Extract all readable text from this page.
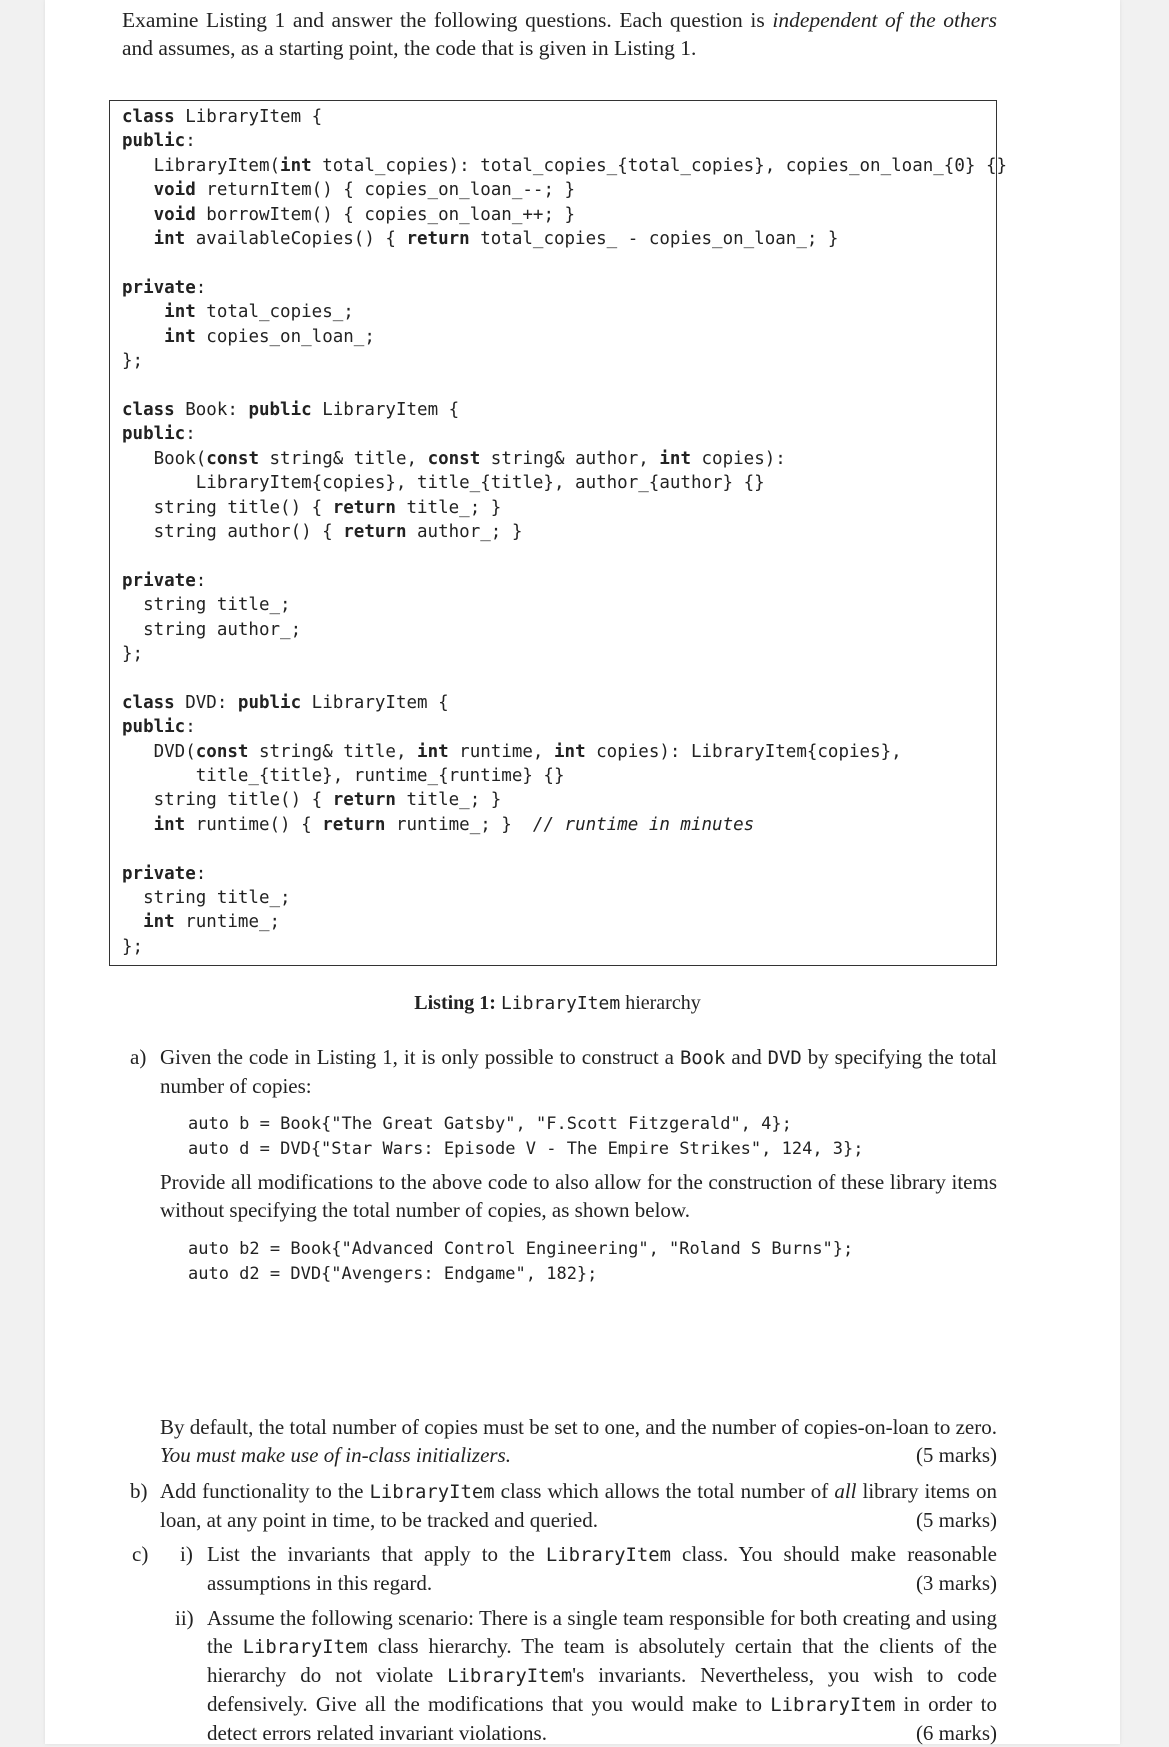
Examine Listing 1 and answer the following questions. Each question is independent of the others and assumes, as a starting point, the code that is given in Listing 1.
class LibraryItem {
public:
LibraryItem(int total_copies): total_copies_{total_copies}, copies_on_loan_{0} {}
void returnItem() { copies_on_loan_--; }
void borrowItem() { copies_on_loan_++; }
int availableCopies() { return total_copies_ - copies_on_loan_; }

private:
int total_copies_;
int copies_on_loan_;
};

class Book: public LibraryItem {
public:
Book(const string& title, const string& author, int copies):
LibraryItem{copies}, title_{title}, author_{author} {}
string title() { return title_; }
string author() { return author_; }

private:
string title_;
string author_;
};

class DVD: public LibraryItem {
public:
DVD(const string& title, int runtime, int copies): LibraryItem{copies},
title_{title}, runtime_{runtime} {}
string title() { return title_; }
int runtime() { return runtime_; }  // runtime in minutes

private:
string title_;
int runtime_;
};
Listing 1: LibraryItem hierarchy
a) Given the code in Listing 1, it is only possible to construct a Book and DVD by specifying the total number of copies:
auto b = Book{"The Great Gatsby", "F.Scott Fitzgerald", 4};
auto d = DVD{"Star Wars: Episode V - The Empire Strikes", 124, 3};
Provide all modifications to the above code to also allow for the construction of these library items without specifying the total number of copies, as shown below.
auto b2 = Book{"Advanced Control Engineering", "Roland S Burns"};
auto d2 = DVD{"Avengers: Endgame", 182};
By default, the total number of copies must be set to one, and the number of copies-on-loan to zero. You must make use of in-class initializers.	(5 marks)
b) Add functionality to the LibraryItem class which allows the total number of all library items on loan, at any point in time, to be tracked and queried.	(5 marks)
c) i) List the invariants that apply to the LibraryItem class. You should make reasonable assumptions in this regard.	(3 marks)
ii) Assume the following scenario: There is a single team responsible for both creating and using the LibraryItem class hierarchy. The team is absolutely certain that the clients of the hierarchy do not violate LibraryItem's invariants. Nevertheless, you wish to code defensively. Give all the modifications that you would make to LibraryItem in order to detect errors related invariant violations.	(6 marks)
